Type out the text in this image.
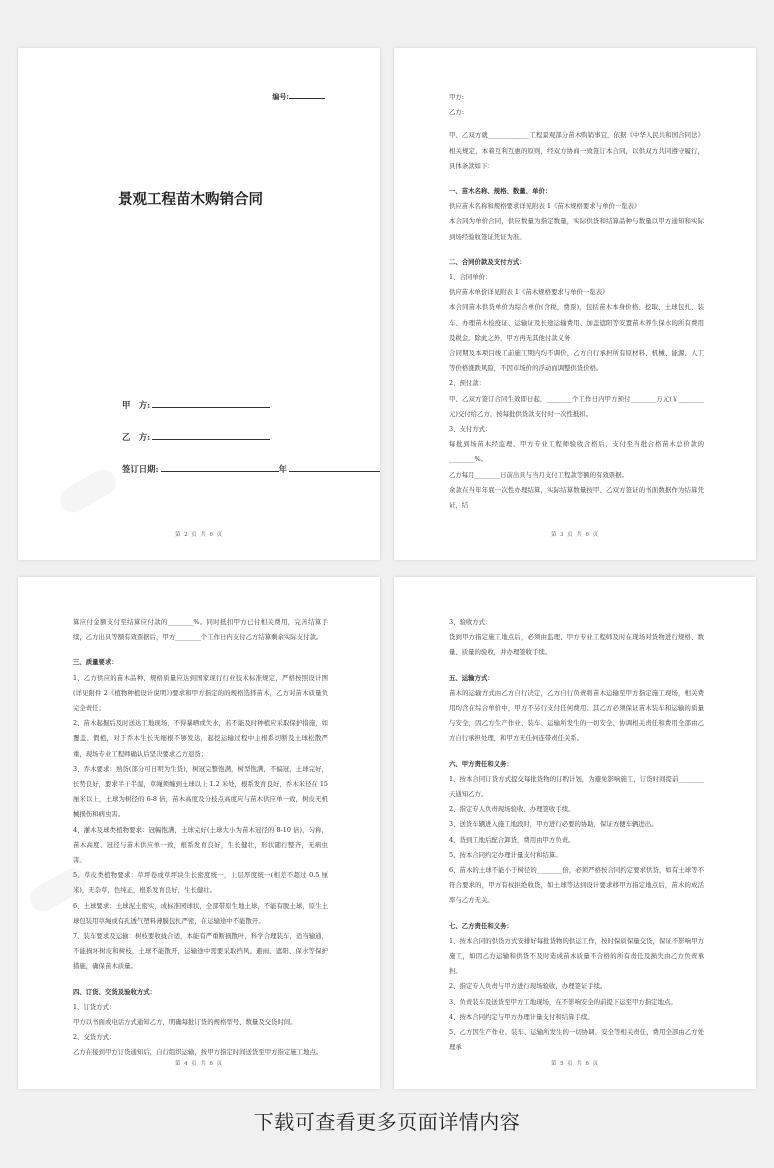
编号:
景观工程苗木购销合同
甲　方:
乙　方:
签订日期:	年
第 2 页 共 6 页

甲方:

乙方:

甲、乙双方就_____________工程景观部分苗木购销事宜，依据《中华人民共和国合同法》相关规定，本着互利互惠的原则，经双方协商一致签订本合同，以供双方共同遵守履行，具体条款如下：

一、苗木名称、规格、数量、单价：

供应苗木名称和规格要求详见附表 1《苗木规格要求与单价一览表》

本合同为单价合同，供应数量为指定数量，实际供货和结算品种与数量以甲方通知和实际到场经验收签证凭证为准。

二、合同价款及支付方式：

1、合同单价：

供应苗木单价详见附表 1《苗木规格要求与单价一览表》

本合同苗木供货单价为综合单价(含税，费票)，包括苗木本身价格、挖取、土球包扎、装车、办理苗木检疫证、运输证及长途运输费用、加盖遮阳等安置苗木养生保水的所有费用及税金。除此之外，甲方再无其他付款义务

合同期及本项目竣工前施工期内均不调价，乙方自行承担所有原材料、机械、能源、人工等价格涨跌风险，不因市场价的浮动而调整供货价格。

2、预付款：

甲、乙双方签订合同生效即日起，________个工作日内甲方预付________万元(￥________元)交付给乙方，按每批供货款支付时一次性抵扣。

3、支付方式：

每批到场苗木经监理、甲方专业工程师验收合格后，支付至当批合格苗木总价款的________%。

乙方每月________日前出具与当月支付工程款等额的有效票据。

余款在当年年底一次性办理结算，实际结算数量按甲、乙双方签证的书面数据作为结算凭证，结

第 3 页 共 6 页

算应付金额支付至结算应付款的________%。同时抵扣甲方已付相关费用，完善结算手续，乙方出具等额有效票据后，甲方________个工作日内支付乙方结算剩余实际支付款。

三、质量要求：

1、乙方供应的苗木品种、规格质量应达到国家现行行业技术标准规定，严格按照设计图(详见附件 2《植物种植设计说明》)要求和甲方指定的的规格选择苗木，乙方对苗木质量负完全责任；

2、苗木起掘后及时送达工地现场，不得暴晒或失水，若不能及时种植应采取保护措施，如覆盖、假植，对于乔木生长无细根不够发达，起挖运输过程中主根系切断及土球松散严重，现场专业工程师确认后坚决要求乙方退货；

3、乔木要求：熟货(部分可日明为生货)，树冠完整饱满，树型饱满，不偏冠，土球完好，长势良好，要求半干半湿，草绳须缠到土球以上 1.2 米处，根系发育良好，乔木米径在 15 厘米以上，土球为树径的 6-8 倍，苗木高度及分枝点高度应与苗木供应单一致，树皮无机械损伤和病虫害。

4、灌木及球类植物要求：冠幅饱满，土球完好(土球大小为苗木冠径的 8-10 倍)，匀称，苗木高度、冠径与苗木供应单一致，根系发育良好，生长健壮，形状随行整齐，无病虫害。

5、草皮类植物要求：草坪卷或草坪块生长密度统一，上层厚度统一(相差不超过 0.5 厘米)，无杂草，色纯正，根系发育良好，生长健壮。

6、土球要求：土球泥土密实，成标准园球状，全部带原生地土球，不能有脱土球，原生土球包装用草绳或有孔透气塑料薄膜包扎严密，在运输途中不能散开。

7、装车要求及运输：树枝要收拢合适，本能有严重断损散叶，科学合理装车，适当输通，不能损坏树皮和树枝，土球不能散开，运输途中需要采取挡风、避雨、遮阳、保水等保护措施，确保苗木质量。

四、订货、交货及验收方式：

1、订货方式：

甲方以书面或电话方式通知乙方，明确每批订货的规格型号、数量及交货时间。

2、交货方式：

乙方在接到甲方订货通知后，自行组织运输，按甲方指定时间送货至甲方指定施工地点。

第 4 页 共 6 页

3、验收方式：

货到甲方指定施工地点后，必须由监理、甲方专业工程师及时在现场对货物进行规格、数量、质量的验收，并办理签收手续。

五、运输方式：

苗木的运输方式由乙方自行决定，乙方自行负责将苗木运输至甲方指定施工现场，相关费用均含在综合单价中，甲方不另行支付任何费用；其乙方必须保证苗木装车和运输的质量与安全，因乙方生产作业、装车、运输所发生的一切安全、协调相关责任和费用全部由乙方自行承担处理，和甲方无任何连带责任关系。

六、甲方责任和义务：

1、按本合同订货方式提交每批货物的订购计划，为避免影响施工，订货时间提前________天通知乙方。

2、指定专人负责现场验收、办理签收手续。

3、送货车辆进入施工地段时，甲方进行必要的协助，保证方便车辆进出。

4、货到工地后配合卸货，费用由甲方负责。

5、按本合同约定办理计量支付和结算。

6、苗木的土球不能小于树径的________倍，必须严格按合同约定要求供货，如有土球等不符合要求的，甲方有权拒绝收货，如土球等达到设计要求移甲方指定地点后，苗木的成活率与乙方无关。

七、乙方责任和义务：

1、按本合同的供货方式安排好每批货物的供运工作，按时保质保量交货，保证不影响甲方施工，如因乙方运输和供货不及时造成苗木质量不合格的所有责任及损失由乙方负责承担。

2、指定专人负责与甲方进行现场验收，办理签证手续。

3、负责装车及送货至甲方工地现场，在不影响安全的前提下运至甲方指定地点。

4、按本合同约定与甲方办理计量支付和结算手续。

5、乙方因生产作业、装车、运输所发生的一切协调、安全等相关责任、费用全部由乙方处理承

第 5 页 共 6 页
下载可查看更多页面详情内容
